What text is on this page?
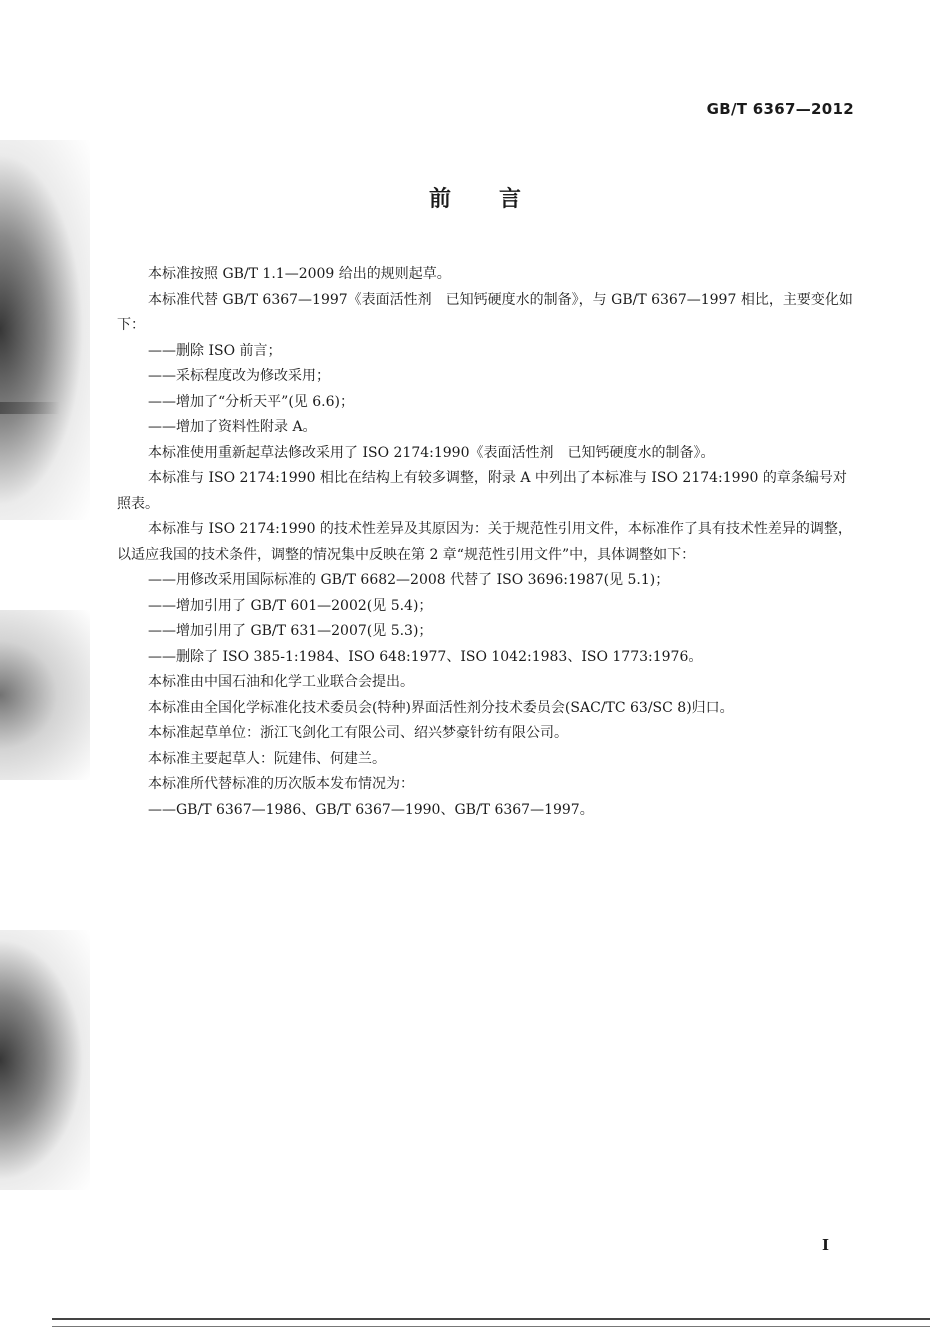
GB/T 6367—2012
前言

本标准按照 GB/T 1.1—2009 给出的规则起草。

本标准代替 GB/T 6367—1997《表面活性剂　已知钙硬度水的制备》，与 GB/T 6367—1997 相比，主要变化如下：

——删除 ISO 前言；

——采标程度改为修改采用；

——增加了“分析天平”(见 6.6)；

——增加了资料性附录 A。

本标准使用重新起草法修改采用了 ISO 2174:1990《表面活性剂　已知钙硬度水的制备》。

本标准与 ISO 2174:1990 相比在结构上有较多调整，附录 A 中列出了本标准与 ISO 2174:1990 的章条编号对照表。

本标准与 ISO 2174:1990 的技术性差异及其原因为：关于规范性引用文件，本标准作了具有技术性差异的调整，以适应我国的技术条件，调整的情况集中反映在第 2 章“规范性引用文件”中，具体调整如下：

——用修改采用国际标准的 GB/T 6682—2008 代替了 ISO 3696:1987(见 5.1)；

——增加引用了 GB/T 601—2002(见 5.4)；

——增加引用了 GB/T 631—2007(见 5.3)；

——删除了 ISO 385-1:1984、ISO 648:1977、ISO 1042:1983、ISO 1773:1976。

本标准由中国石油和化学工业联合会提出。

本标准由全国化学标准化技术委员会(特种)界面活性剂分技术委员会(SAC/TC 63/SC 8)归口。

本标准起草单位：浙江飞剑化工有限公司、绍兴梦豪针纺有限公司。

本标准主要起草人：阮建伟、何建兰。

本标准所代替标准的历次版本发布情况为：

——GB/T 6367—1986、GB/T 6367—1990、GB/T 6367—1997。

I
